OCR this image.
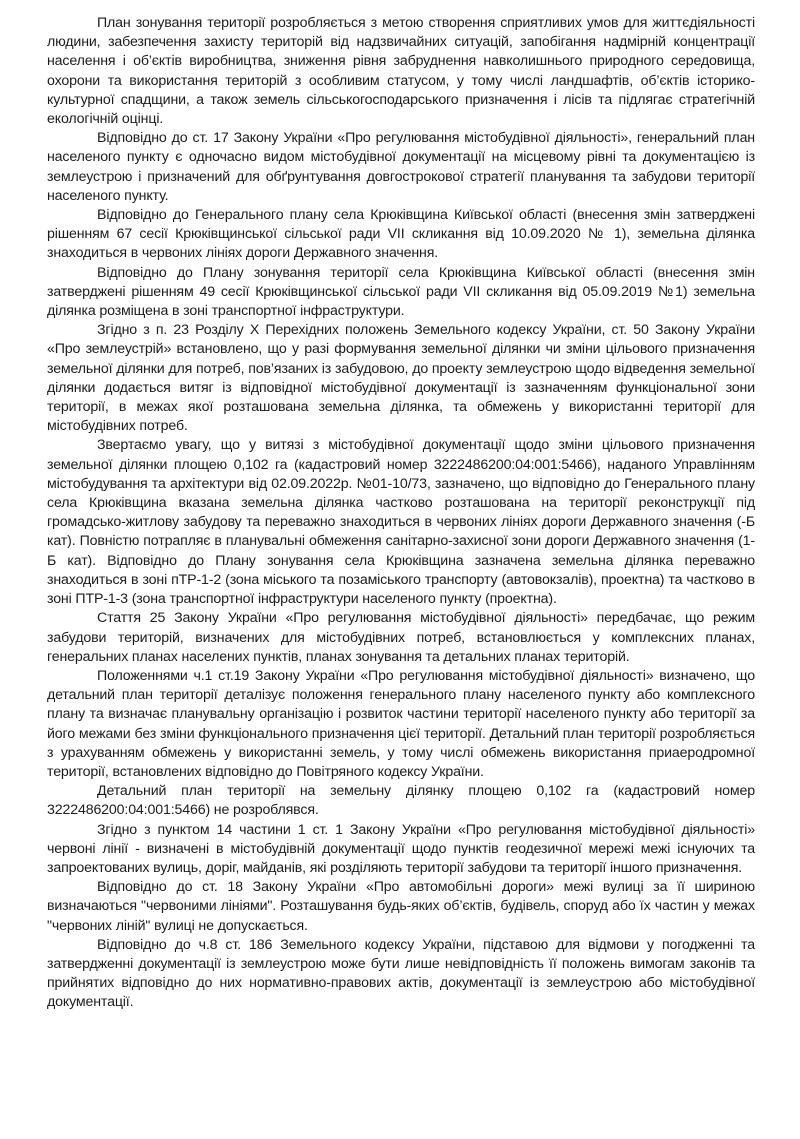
План зонування території розробляється з метою створення сприятливих умов для життєдіяльності людини, забезпечення захисту територій від надзвичайних ситуацій, запобігання надмірній концентрації населення і об’єктів виробництва, зниження рівня забруднення навколишнього природного середовища, охорони та використання територій з особливим статусом, у тому числі ландшафтів, об’єктів історико-культурної спадщини, а також земель сільськогосподарського призначення і лісів та підлягає стратегічній екологічній оцінці.

Відповідно до ст. 17 Закону України «Про регулювання містобудівної діяльності», генеральний план населеного пункту є одночасно видом містобудівної документації на місцевому рівні та документацією із землеустрою і призначений для обґрунтування довгострокової стратегії планування та забудови території населеного пункту.

Відповідно до Генерального плану села Крюківщина Київської області (внесення змін затверджені рішенням 67 сесії Крюківщинської сільської ради VII скликання від 10.09.2020 № 1), земельна ділянка знаходиться в червоних лініях дороги Державного значення.

Відповідно до Плану зонування території села Крюківщина Київської області (внесення змін затверджені рішенням 49 сесії Крюківщинської сільської ради VII скликання від 05.09.2019 №1) земельна ділянка розміщена в зоні транспортної інфраструктури.

Згідно з п. 23 Розділу Х Перехідних положень Земельного кодексу України, ст. 50 Закону України «Про землеустрій» встановлено, що у разі формування земельної ділянки чи зміни цільового призначення земельної ділянки для потреб, пов’язаних із забудовою, до проекту землеустрою щодо відведення земельної ділянки додається витяг із відповідної містобудівної документації із зазначенням функціональної зони території, в межах якої розташована земельна ділянка, та обмежень у використанні території для містобудівних потреб.

Звертаємо увагу, що у витязі з містобудівної документації щодо зміни цільового призначення земельної ділянки площею 0,102 га (кадастровий номер 3222486200:04:001:5466), наданого Управлінням містобудування та архітектури від 02.09.2022р. №01-10/73, зазначено, що відповідно до Генерального плану села Крюківщина вказана земельна ділянка частково розташована на території реконструкції під громадсько-житлову забудову та переважно знаходиться в червоних лініях дороги Державного значення (-Б кат). Повністю потрапляє в планувальні обмеження санітарно-захисної зони дороги Державного значення (1-Б кат). Відповідно до Плану зонування села Крюківщина зазначена земельна ділянка переважно знаходиться в зоні пТР-1-2 (зона міського та позаміського транспорту (автовокзалів), проектна) та частково в зоні ПТР-1-3 (зона транспортної інфраструктури населеного пункту (проектна).

Стаття 25 Закону України «Про регулювання містобудівної діяльності» передбачає, що режим забудови територій, визначених для містобудівних потреб, встановлюється у комплексних планах, генеральних планах населених пунктів, планах зонування та детальних планах територій.

Положеннями ч.1 ст.19 Закону України «Про регулювання містобудівної діяльності» визначено, що детальний план території деталізує положення генерального плану населеного пункту або комплексного плану та визначає планувальну організацію і розвиток частини території населеного пункту або території за його межами без зміни функціонального призначення цієї території. Детальний план території розробляється з урахуванням обмежень у використанні земель, у тому числі обмежень використання приаеродромної території, встановлених відповідно до Повітряного кодексу України.

Детальний план території на земельну ділянку площею 0,102 га (кадастровий номер 3222486200:04:001:5466) не розроблявся.

Згідно з пунктом 14 частини 1 ст. 1 Закону України «Про регулювання містобудівної діяльності» червоні лінії - визначені в містобудівній документації щодо пунктів геодезичної мережі межі існуючих та запроектованих вулиць, доріг, майданів, які розділяють території забудови та території іншого призначення.

Відповідно до ст. 18 Закону України «Про автомобільні дороги» межі вулиці за її шириною визначаються "червоними лініями". Розташування будь-яких об’єктів, будівель, споруд або їх частин у межах "червоних ліній" вулиці не допускається.

Відповідно до ч.8 ст. 186 Земельного кодексу України, підставою для відмови у погодженні та затвердженні документації із землеустрою може бути лише невідповідність її положень вимогам законів та прийнятих відповідно до них нормативно-правових актів, документації із землеустрою або містобудівної документації.
